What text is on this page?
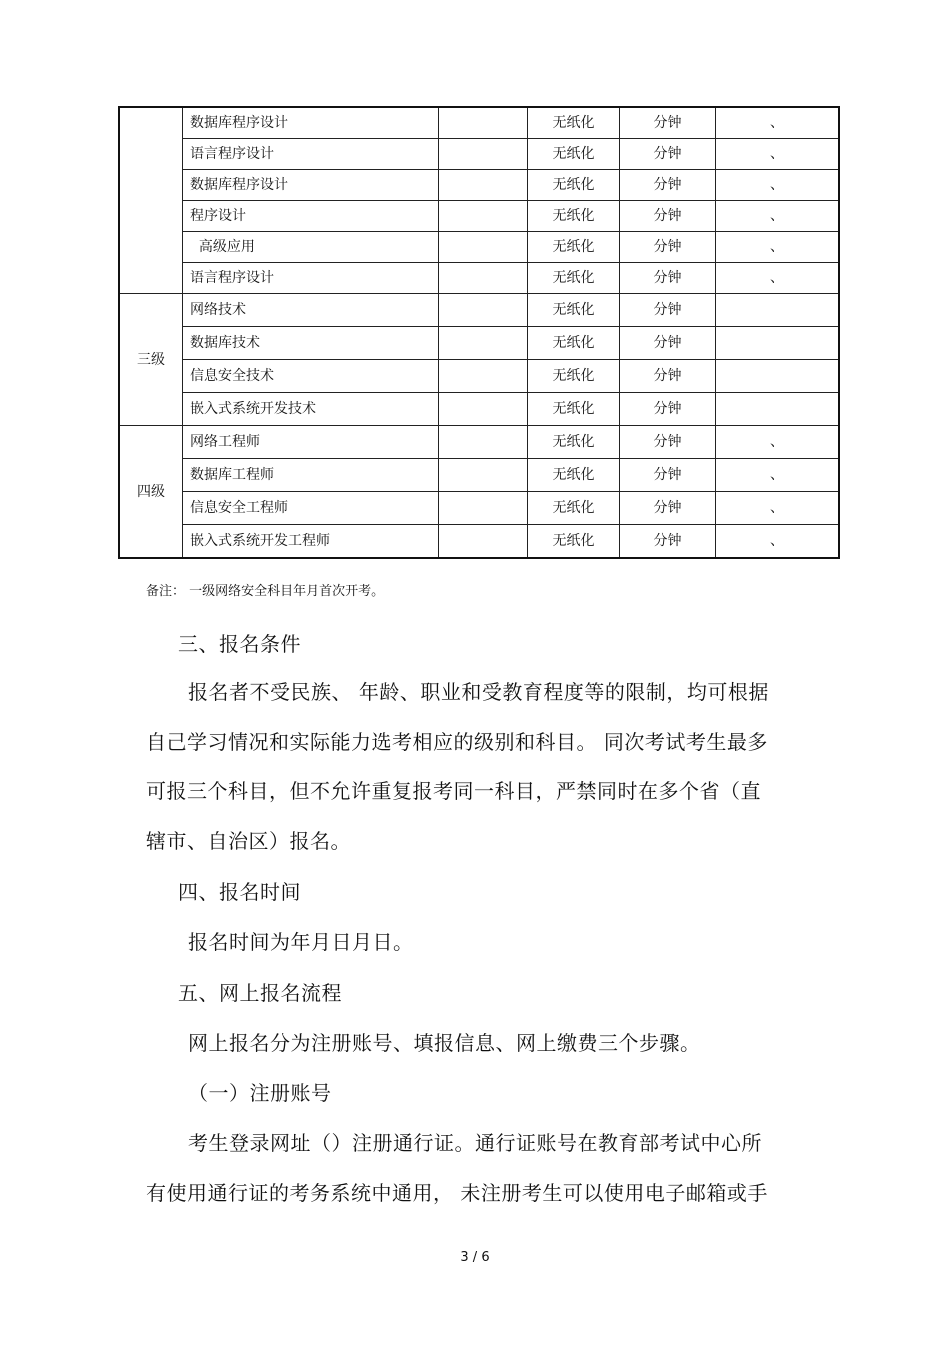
	数据库程序设计		无纸化	分钟	、
	语言程序设计		无纸化	分钟	、
	数据库程序设计		无纸化	分钟	、
	程序设计		无纸化	分钟	、
	高级应用		无纸化	分钟	、
	语言程序设计		无纸化	分钟	、
三级	网络技术		无纸化	分钟	
	数据库技术		无纸化	分钟	
	信息安全技术		无纸化	分钟	
	嵌入式系统开发技术		无纸化	分钟	
四级	网络工程师		无纸化	分钟	、
	数据库工程师		无纸化	分钟	、
	信息安全工程师		无纸化	分钟	、
	嵌入式系统开发工程师		无纸化	分钟	、
备注： 一级网络安全科目年月首次开考。
三、报名条件
报名者不受民族、 年龄、职业和受教育程度等的限制，均可根据
自己学习情况和实际能力选考相应的级别和科目。 同次考试考生最多
可报三个科目，但不允许重复报考同一科目，严禁同时在多个省（直
辖市、自治区）报名。
四、报名时间
报名时间为年月日月日。
五、网上报名流程
网上报名分为注册账号、填报信息、网上缴费三个步骤。
（一）注册账号
考生登录网址（）注册通行证。通行证账号在教育部考试中心所
有使用通行证的考务系统中通用， 未注册考生可以使用电子邮箱或手
3 / 6
